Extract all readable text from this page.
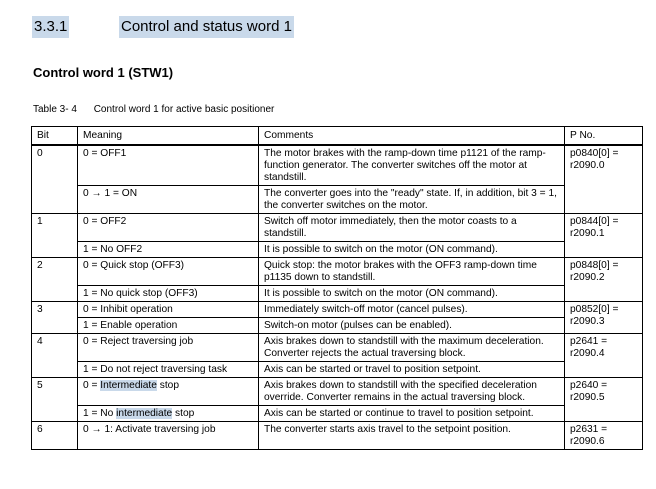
3.3.1	Control and status word 1
Control word 1 (STW1)
Table 3- 4 Control word 1 for active basic positioner
Bit	Meaning	Comments	P No.
0	0 = OFF1	The motor brakes with the ramp-down time p1121 of the ramp-function generator. The converter switches off the motor at standstill.	p0840[0] = r2090.0
	0 → 1 = ON	The converter goes into the "ready" state. If, in addition, bit 3 = 1, the converter switches on the motor.	
1	0 = OFF2	Switch off motor immediately, then the motor coasts to a standstill.	p0844[0] = r2090.1
	1 = No OFF2	It is possible to switch on the motor (ON command).	
2	0 = Quick stop (OFF3)	Quick stop: the motor brakes with the OFF3 ramp-down time p1135 down to standstill.	p0848[0] = r2090.2
	1 = No quick stop (OFF3)	It is possible to switch on the motor (ON command).	
3	0 = Inhibit operation	Immediately switch-off motor (cancel pulses).	p0852[0] = r2090.3
	1 = Enable operation	Switch-on motor (pulses can be enabled).	
4	0 = Reject traversing job	Axis brakes down to standstill with the maximum deceleration. Converter rejects the actual traversing block.	p2641 = r2090.4
	1 = Do not reject traversing task	Axis can be started or travel to position setpoint.	
5	0 = Intermediate stop	Axis brakes down to standstill with the specified deceleration override. Converter remains in the actual traversing block.	p2640 = r2090.5
	1 = No intermediate stop	Axis can be started or continue to travel to position setpoint.	
6	0 → 1: Activate traversing job	The converter starts axis travel to the setpoint position.	p2631 = r2090.6
